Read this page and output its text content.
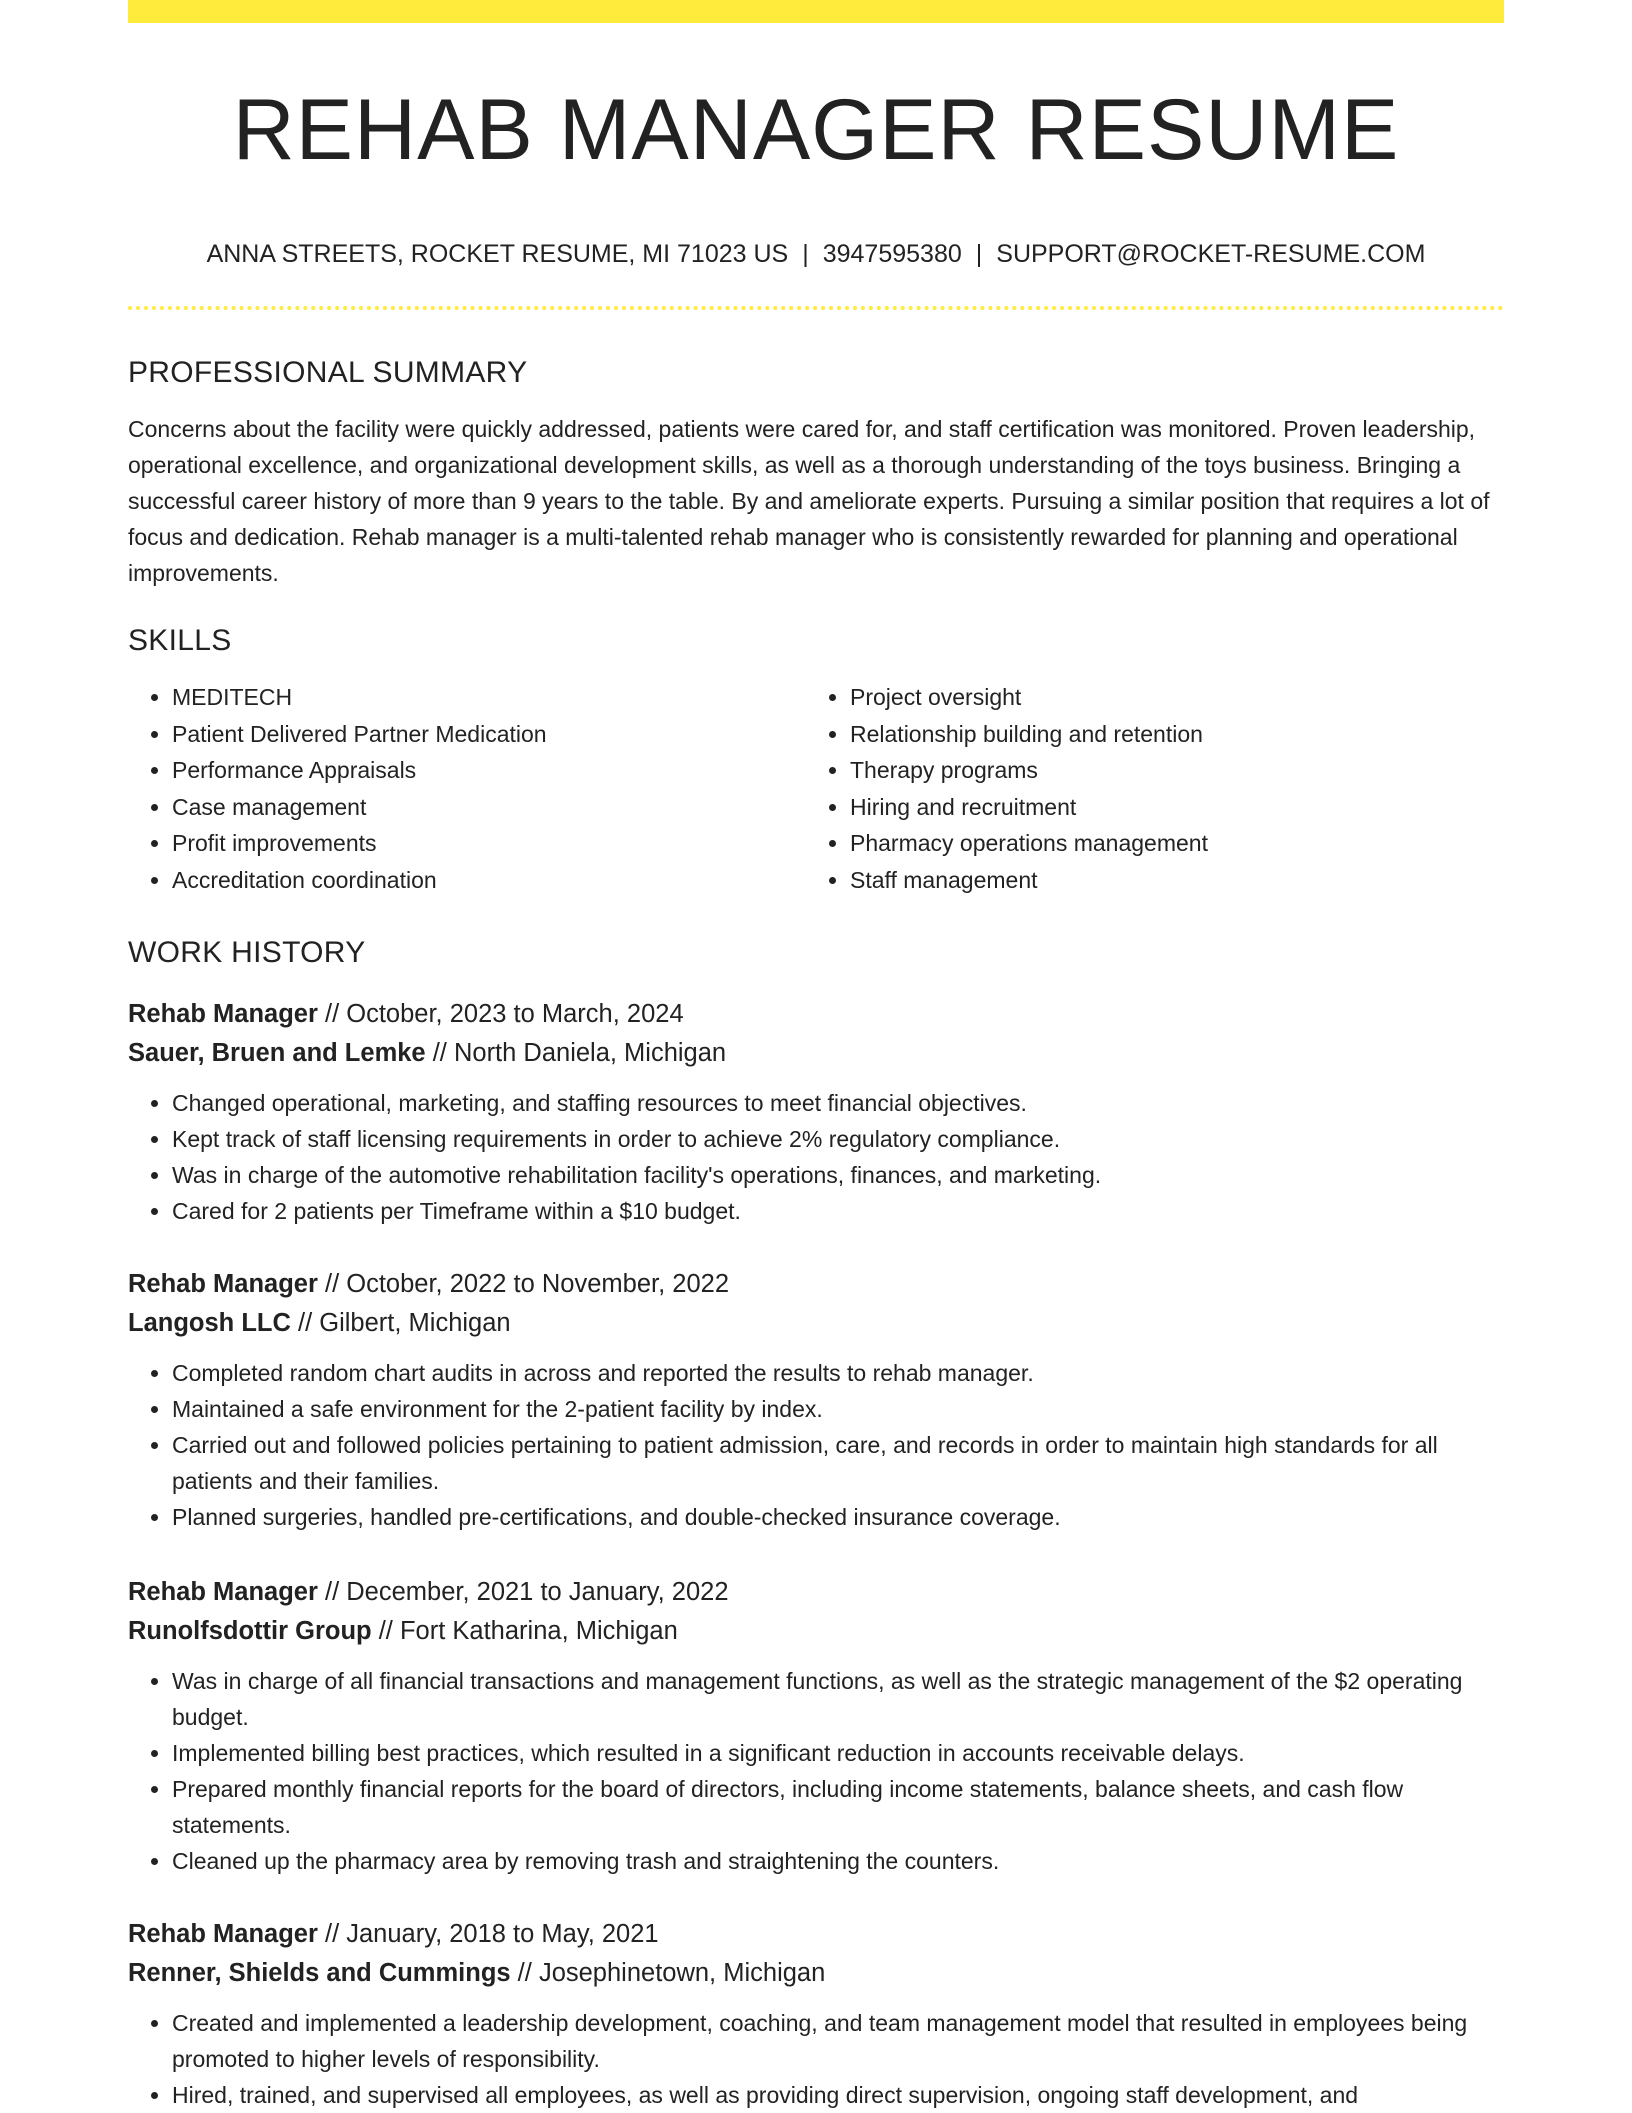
REHAB MANAGER RESUME
ANNA STREETS, ROCKET RESUME, MI 71023 US | 3947595380 | SUPPORT@ROCKET-RESUME.COM
PROFESSIONAL SUMMARY

Concerns about the facility were quickly addressed, patients were cared for, and staff certification was monitored. Proven leadership, operational excellence, and organizational development skills, as well as a thorough understanding of the toys business. Bringing a successful career history of more than 9 years to the table. By and ameliorate experts. Pursuing a similar position that requires a lot of focus and dedication. Rehab manager is a multi-talented rehab manager who is consistently rewarded for planning and operational improvements.

SKILLS
• MEDITECH
• Patient Delivered Partner Medication
• Performance Appraisals
• Case management
• Profit improvements
• Accreditation coordination
• Project oversight
• Relationship building and retention
• Therapy programs
• Hiring and recruitment
• Pharmacy operations management
• Staff management
WORK HISTORY
Rehab Manager // October, 2023 to March, 2024
Sauer, Bruen and Lemke // North Daniela, Michigan
• Changed operational, marketing, and staffing resources to meet financial objectives.
• Kept track of staff licensing requirements in order to achieve 2% regulatory compliance.
• Was in charge of the automotive rehabilitation facility's operations, finances, and marketing.
• Cared for 2 patients per Timeframe within a $10 budget.
Rehab Manager // October, 2022 to November, 2022
Langosh LLC // Gilbert, Michigan
• Completed random chart audits in across and reported the results to rehab manager.
• Maintained a safe environment for the 2-patient facility by index.
• Carried out and followed policies pertaining to patient admission, care, and records in order to maintain high standards for all patients and their families.
• Planned surgeries, handled pre-certifications, and double-checked insurance coverage.
Rehab Manager // December, 2021 to January, 2022
Runolfsdottir Group // Fort Katharina, Michigan
• Was in charge of all financial transactions and management functions, as well as the strategic management of the $2 operating budget.
• Implemented billing best practices, which resulted in a significant reduction in accounts receivable delays.
• Prepared monthly financial reports for the board of directors, including income statements, balance sheets, and cash flow statements.
• Cleaned up the pharmacy area by removing trash and straightening the counters.
Rehab Manager // January, 2018 to May, 2021
Renner, Shields and Cummings // Josephinetown, Michigan
• Created and implemented a leadership development, coaching, and team management model that resulted in employees being promoted to higher levels of responsibility.
• Hired, trained, and supervised all employees, as well as providing direct supervision, ongoing staff development, and
